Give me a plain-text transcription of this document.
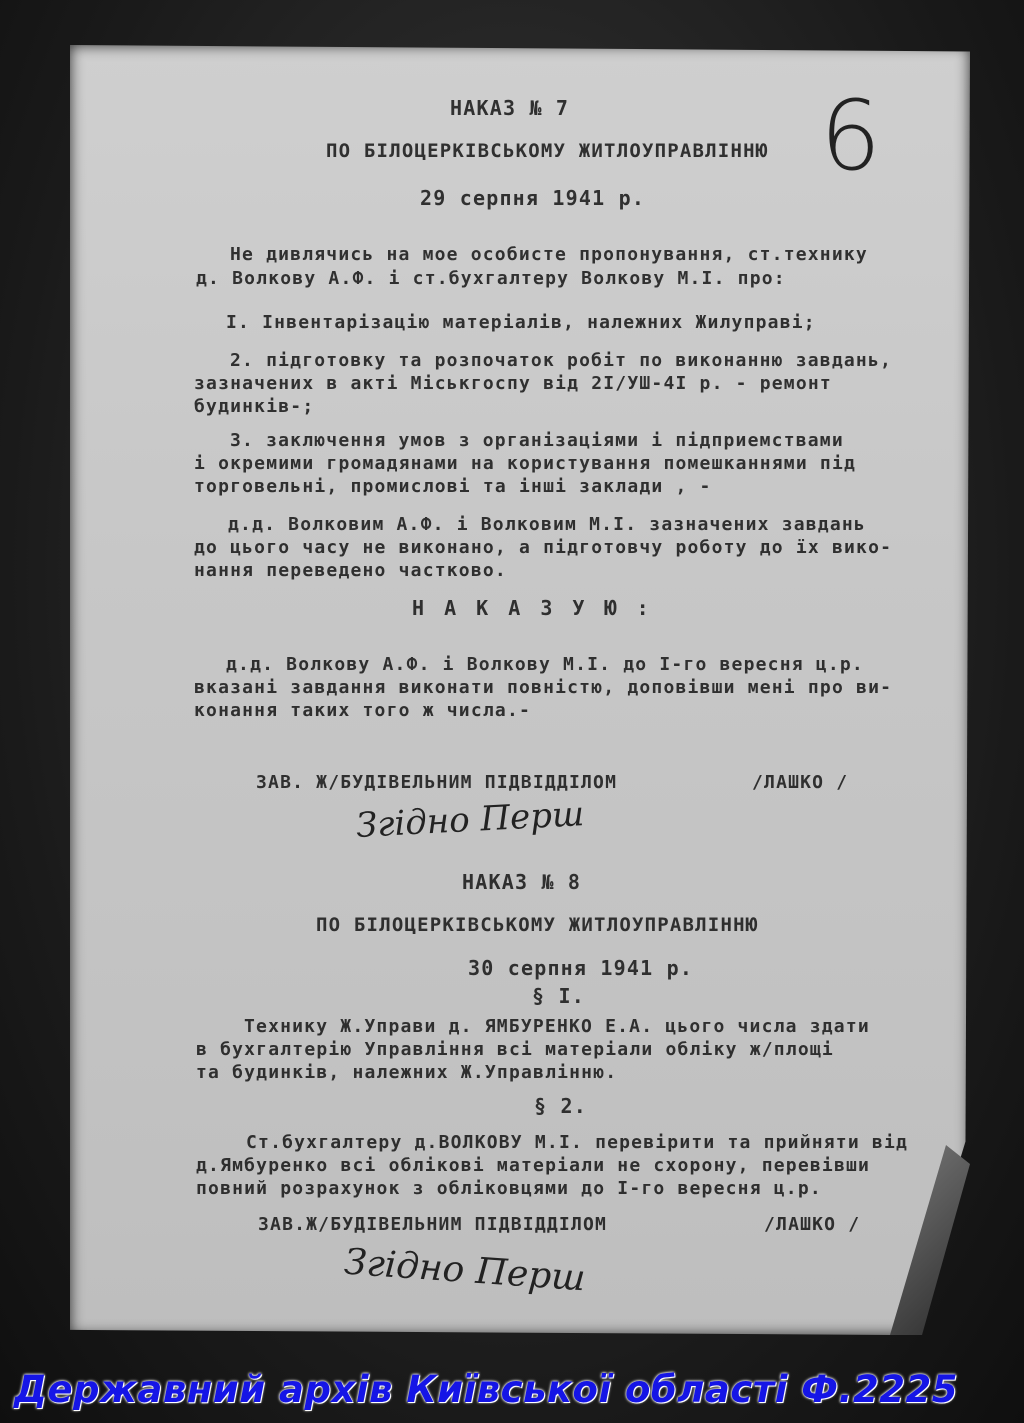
6
НАКАЗ № 7
ПО БІЛОЦЕРКІВСЬКОМУ ЖИТЛОУПРАВЛІННЮ
29 серпня 1941 р.
Не дивлячись на мое особисте пропонування, ст.технику
д. Волкову А.Ф. і ст.бухгалтеру Волкову М.І. про:
І. Інвентарізацію матеріалів, належних Жилуправі;
2. підготовку та розпочаток робіт по виконанню завдань,
зазначених в акті Міськгоспу від 2І/УШ-4І р. - ремонт
будинків-;
3. заключення умов з організаціями і підприемствами
і окремими громадянами на користування помешканнями під
торговельні, промислові та інші заклади , -
д.д. Волковим А.Ф. і Волковим М.І. зазначених завдань
до цього часу не виконано, а підготовчу роботу до їх вико-
нання переведено частково.
Н А К А З У Ю :
д.д. Волкову А.Ф. і Волкову М.І. до І-го вересня ц.р.
вказані завдання виконати повністю, доповівши мені про ви-
конання таких того ж числа.-
ЗАВ. Ж/БУДІВЕЛЬНИМ ПІДВІДДІЛОМ	/ЛАШКО /
Згідно Перш
НАКАЗ № 8
ПО БІЛОЦЕРКІВСЬКОМУ ЖИТЛОУПРАВЛІННЮ
30 серпня 1941 р.
§ І.
Технику Ж.Управи д. ЯМБУРЕНКО Е.А. цього числа здати
в бухгалтерію Управління всі матеріали обліку ж/площі
та будинків, належних Ж.Управлінню.
§ 2.
Ст.бухгалтеру д.ВОЛКОВУ М.І. перевірити та прийняти від
д.Ямбуренко всі облікові матеріали не схорону, перевівши
повний розрахунок з обліковцями до І-го вересня ц.р.
ЗАВ.Ж/БУДІВЕЛЬНИМ ПІДВІДДІЛОМ	/ЛАШКО /
Згідно Перш
Державний архів Київської області Ф.2225
